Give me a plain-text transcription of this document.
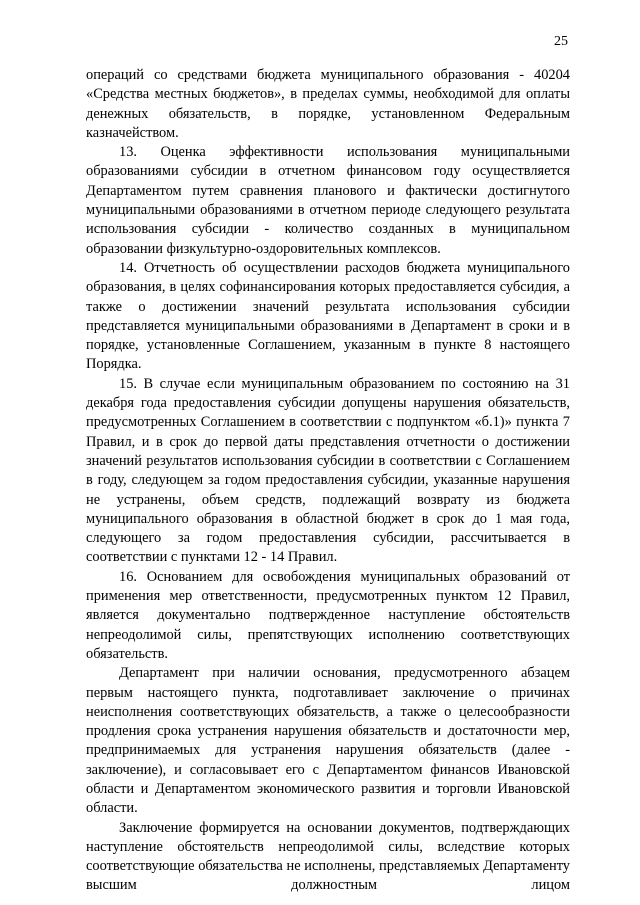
25

операций со средствами бюджета муниципального образования - 40204 «Средства местных бюджетов», в пределах суммы, необходимой для оплаты денежных обязательств, в порядке, установленном Федеральным казначейством.

13. Оценка эффективности использования муниципальными образованиями субсидии в отчетном финансовом году осуществляется Департаментом путем сравнения планового и фактически достигнутого муниципальными образованиями в отчетном периоде следующего результата использования субсидии - количество созданных в муниципальном образовании физкультурно-оздоровительных комплексов.

14. Отчетность об осуществлении расходов бюджета муниципального образования, в целях софинансирования которых предоставляется субсидия, а также о достижении значений результата использования субсидии представляется муниципальными образованиями в Департамент в сроки и в порядке, установленные Соглашением, указанным в пункте 8 настоящего Порядка.

15. В случае если муниципальным образованием по состоянию на 31 декабря года предоставления субсидии допущены нарушения обязательств, предусмотренных Соглашением в соответствии с подпунктом «б.1)» пункта 7 Правил, и в срок до первой даты представления отчетности о достижении значений результатов использования субсидии в соответствии с Соглашением в году, следующем за годом предоставления субсидии, указанные нарушения не устранены, объем средств, подлежащий возврату из бюджета муниципального образования в областной бюджет в срок до 1 мая года, следующего за годом предоставления субсидии, рассчитывается в соответствии с пунктами 12 - 14 Правил.

16. Основанием для освобождения муниципальных образований от применения мер ответственности, предусмотренных пунктом 12 Правил, является документально подтвержденное наступление обстоятельств непреодолимой силы, препятствующих исполнению соответствующих обязательств.

Департамент при наличии основания, предусмотренного абзацем первым настоящего пункта, подготавливает заключение о причинах неисполнения соответствующих обязательств, а также о целесообразности продления срока устранения нарушения обязательств и достаточности мер, предпринимаемых для устранения нарушения обязательств (далее - заключение), и согласовывает его с Департаментом финансов Ивановской области и Департаментом экономического развития и торговли Ивановской области.

Заключение формируется на основании документов, подтверждающих наступление обстоятельств непреодолимой силы, вследствие которых соответствующие обязательства не исполнены, представляемых Департаменту высшим должностным лицом
